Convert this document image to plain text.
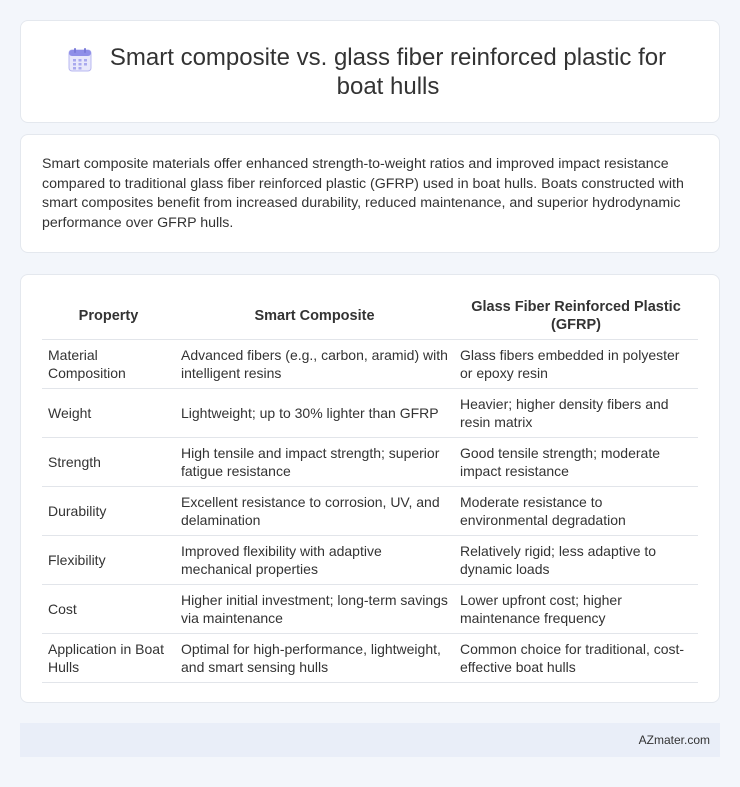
Smart composite vs. glass fiber reinforced plastic for boat hulls

Smart composite materials offer enhanced strength-to-weight ratios and improved impact resistance compared to traditional glass fiber reinforced plastic (GFRP) used in boat hulls. Boats constructed with smart composites benefit from increased durability, reduced maintenance, and superior hydrodynamic performance over GFRP hulls.

Property	Smart Composite	Glass Fiber Reinforced Plastic (GFRP)
Material Composition	Advanced fibers (e.g., carbon, aramid) with intelligent resins	Glass fibers embedded in polyester or epoxy resin
Weight	Lightweight; up to 30% lighter than GFRP	Heavier; higher density fibers and resin matrix
Strength	High tensile and impact strength; superior fatigue resistance	Good tensile strength; moderate impact resistance
Durability	Excellent resistance to corrosion, UV, and delamination	Moderate resistance to environmental degradation
Flexibility	Improved flexibility with adaptive mechanical properties	Relatively rigid; less adaptive to dynamic loads
Cost	Higher initial investment; long-term savings via maintenance	Lower upfront cost; higher maintenance frequency
Application in Boat Hulls	Optimal for high-performance, lightweight, and smart sensing hulls	Common choice for traditional, cost-effective boat hulls
AZmater.com
